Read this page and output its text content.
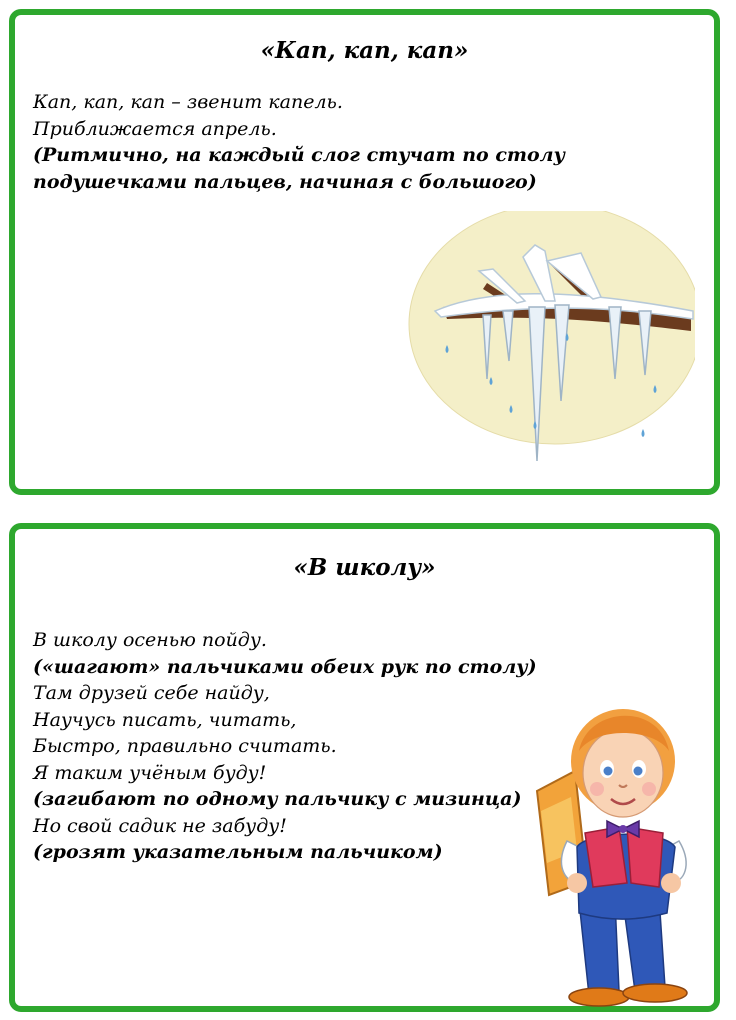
«Кап, кап, кап»
Кап, кап, кап – звенит капель.
Приближается апрель.
(Ритмично, на каждый слог стучат по столу
подушечками пальцев, начиная с большого)
«В школу»
В школу осенью пойду.
(«шагают» пальчиками обеих рук по столу)
Там друзей себе найду,
Научусь писать, читать,
Быстро, правильно считать.
Я таким учёным буду!
(загибают по одному пальчику с мизинца)
Но свой садик не забуду!
(грозят указательным пальчиком)
